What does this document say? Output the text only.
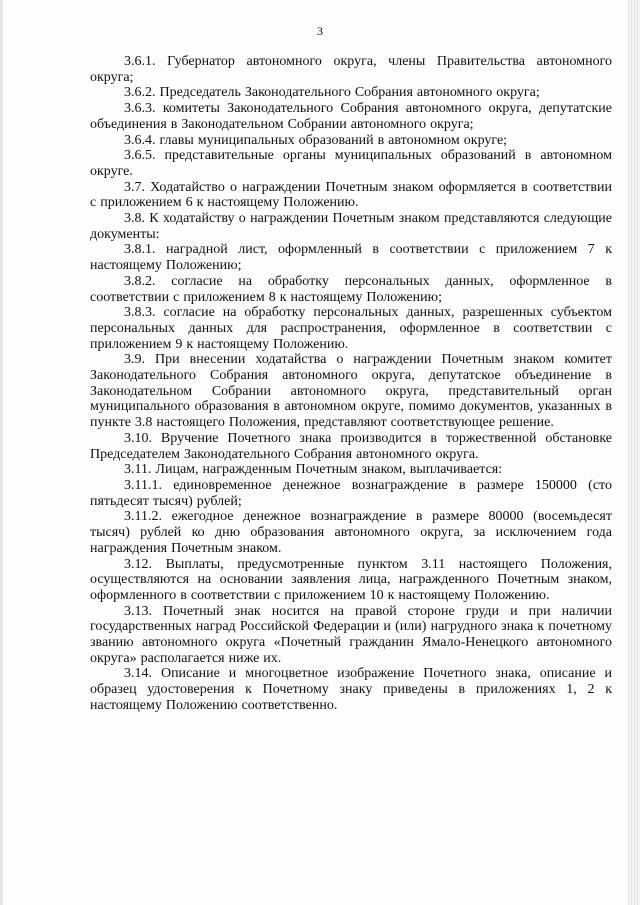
3

3.6.1. Губернатор автономного округа, члены Правительства автономного округа;

3.6.2. Председатель Законодательного Собрания автономного округа;

3.6.3. комитеты Законодательного Собрания автономного округа, депутатские объединения в Законодательном Собрании автономного округа;

3.6.4. главы муниципальных образований в автономном округе;

3.6.5. представительные органы муниципальных образований в автономном округе.

3.7. Ходатайство о награждении Почетным знаком оформляется в соответствии с приложением 6 к настоящему Положению.

3.8. К ходатайству о награждении Почетным знаком представляются следующие документы:

3.8.1. наградной лист, оформленный в соответствии с приложением 7 к настоящему Положению;

3.8.2. согласие на обработку персональных данных, оформленное в соответствии с приложением 8 к настоящему Положению;

3.8.3. согласие на обработку персональных данных, разрешенных субъектом персональных данных для распространения, оформленное в соответствии с приложением 9 к настоящему Положению.

3.9. При внесении ходатайства о награждении Почетным знаком комитет Законодательного Собрания автономного округа, депутатское объединение в Законодательном Собрании автономного округа, представительный орган муниципального образования в автономном округе, помимо документов, указанных в пункте 3.8 настоящего Положения, представляют соответствующее решение.

3.10. Вручение Почетного знака производится в торжественной обстановке Председателем Законодательного Собрания автономного округа.

3.11. Лицам, награжденным Почетным знаком, выплачивается:

3.11.1. единовременное денежное вознаграждение в размере 150000 (сто пятьдесят тысяч) рублей;

3.11.2. ежегодное денежное вознаграждение в размере 80000 (восемьдесят тысяч) рублей ко дню образования автономного округа, за исключением года награждения Почетным знаком.

3.12. Выплаты, предусмотренные пунктом 3.11 настоящего Положения, осуществляются на основании заявления лица, награжденного Почетным знаком, оформленного в соответствии с приложением 10 к настоящему Положению.

3.13. Почетный знак носится на правой стороне груди и при наличии государственных наград Российской Федерации и (или) нагрудного знака к почетному званию автономного округа «Почетный гражданин Ямало-Ненецкого автономного округа» располагается ниже их.

3.14. Описание и многоцветное изображение Почетного знака, описание и образец удостоверения к Почетному знаку приведены в приложениях 1, 2 к настоящему Положению соответственно.
